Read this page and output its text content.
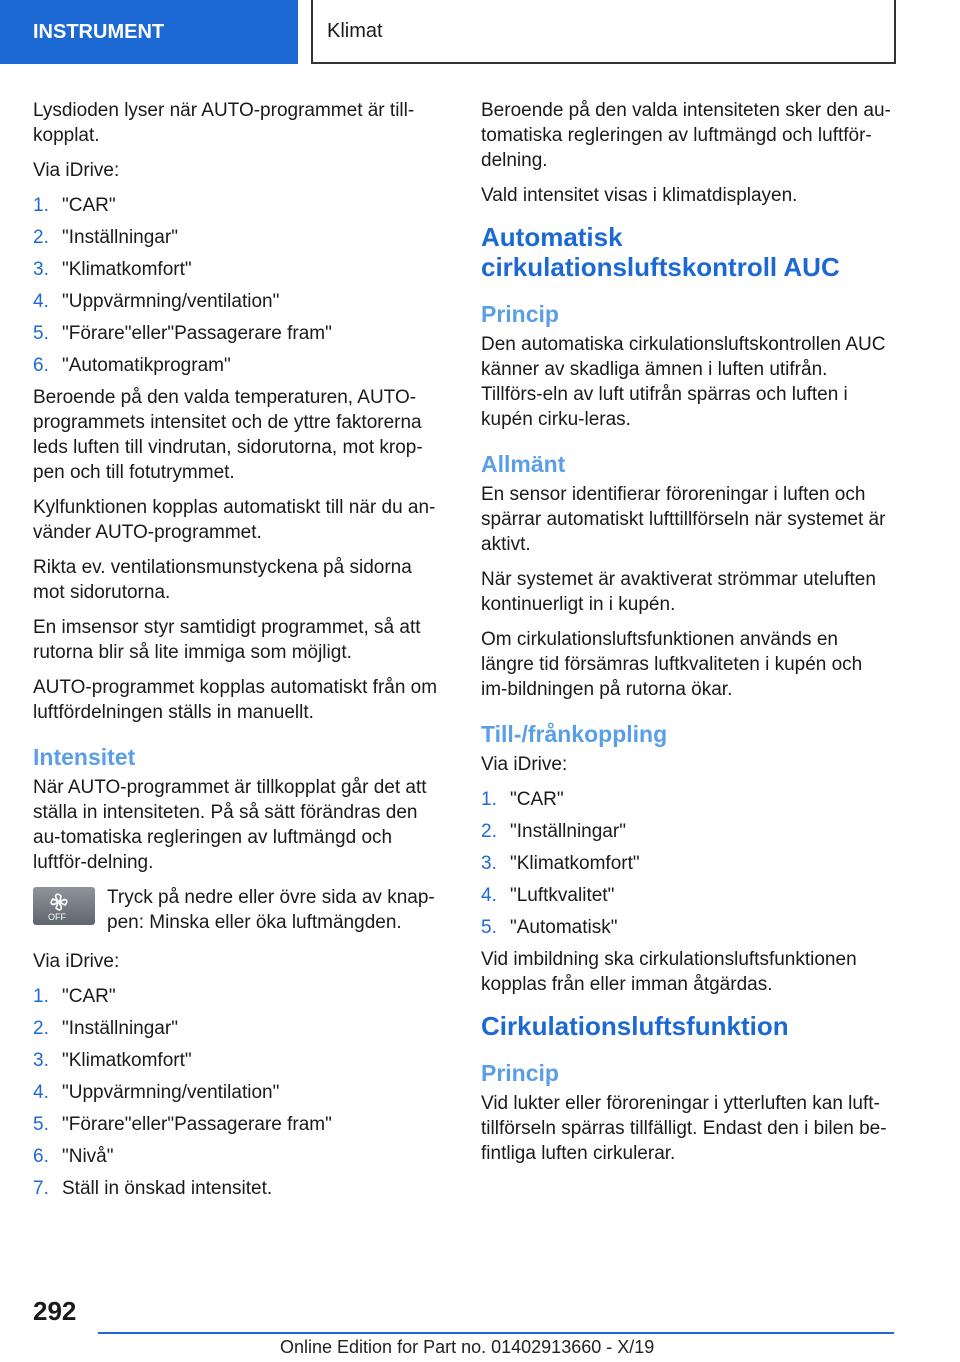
INSTRUMENT	Klimat

Lysdioden lyser när AUTO-programmet är till‐kopplat.

Via iDrive:

1. "CAR"
2. "Inställningar"
3. "Klimatkomfort"
4. "Uppvärmning/ventilation"
5. "Förare"eller"Passagerare fram"
6. "Automatikprogram"

Beroende på den valda temperaturen, AUTO-programmets intensitet och de yttre faktorerna leds luften till vindrutan, sidorutorna, mot krop‐pen och till fotutrymmet.

Kylfunktionen kopplas automatiskt till när du an‐vänder AUTO-programmet.

Rikta ev. ventilationsmunstyckena på sidorna mot sidorutorna.

En imsensor styr samtidigt programmet, så att rutorna blir så lite immiga som möjligt.

AUTO-programmet kopplas automatiskt från om luftfördelningen ställs in manuellt.

Intensitet

När AUTO-programmet är tillkopplat går det att ställa in intensiteten. På så sätt förändras den au‐tomatiska regleringen av luftmängd och luftför‐delning.

OFF

Tryck på nedre eller övre sida av knap‐pen: Minska eller öka luftmängden.

Via iDrive:

1. "CAR"
2. "Inställningar"
3. "Klimatkomfort"
4. "Uppvärmning/ventilation"
5. "Förare"eller"Passagerare fram"
6. "Nivå"
7. Ställ in önskad intensitet.

Beroende på den valda intensiteten sker den au‐tomatiska regleringen av luftmängd och luftför‐delning.

Vald intensitet visas i klimatdisplayen.

Automatisk cirkulationsluftskontroll AUC
Princip

Den automatiska cirkulationsluftskontrollen AUC känner av skadliga ämnen i luften utifrån. Tillförs‐eln av luft utifrån spärras och luften i kupén cirku‐leras.

Allmänt

En sensor identifierar föroreningar i luften och spärrar automatiskt lufttillförseln när systemet är aktivt.

När systemet är avaktiverat strömmar uteluften kontinuerligt in i kupén.

Om cirkulationsluftsfunktionen används en längre tid försämras luftkvaliteten i kupén och im‐bildningen på rutorna ökar.

Till-/frånkoppling

Via iDrive:

1. "CAR"
2. "Inställningar"
3. "Klimatkomfort"
4. "Luftkvalitet"
5. "Automatisk"

Vid imbildning ska cirkulationsluftsfunktionen kopplas från eller imman åtgärdas.

Cirkulationsluftsfunktion
Princip

Vid lukter eller föroreningar i ytterluften kan luft‐tillförseln spärras tillfälligt. Endast den i bilen be‐fintliga luften cirkulerar.

292
Online Edition for Part no. 01402913660 - X/19
